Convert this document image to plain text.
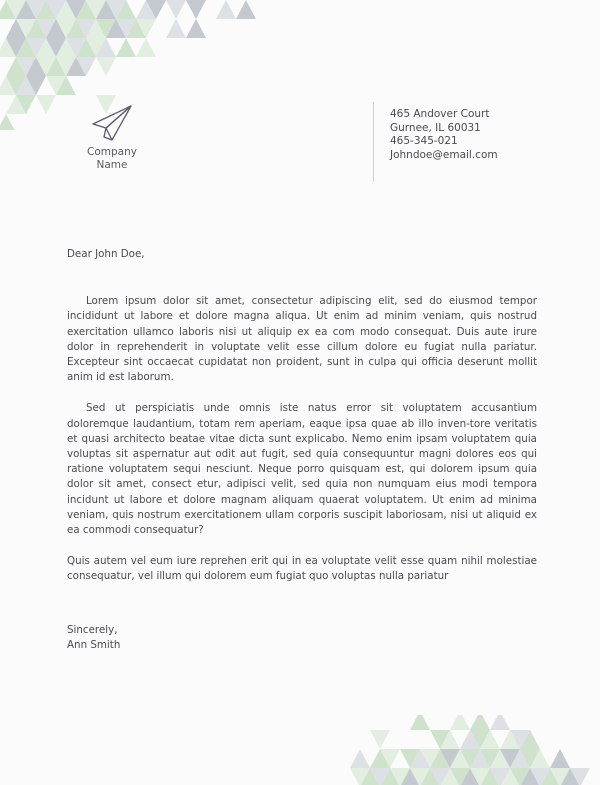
Company
Name
465 Andover Court
Gurnee, IL 60031
465-345-021
Johndoe@email.com

Dear John Doe,

Lorem ipsum dolor sit amet, consectetur adipiscing elit, sed do eiusmod tempor incididunt ut labore et dolore magna aliqua. Ut enim ad minim veniam, quis nostrud exercitation ullamco laboris nisi ut aliquip ex ea com modo consequat. Duis aute irure dolor in reprehenderit in voluptate velit esse cillum dolore eu fugiat nulla pariatur. Excepteur sint occaecat cupidatat non proident, sunt in culpa qui officia deserunt mollit anim id est laborum.

Sed ut perspiciatis unde omnis iste natus error sit voluptatem accusantium doloremque laudantium, totam rem aperiam, eaque ipsa quae ab illo inven-tore veritatis et quasi architecto beatae vitae dicta sunt explicabo. Nemo enim ipsam voluptatem quia voluptas sit aspernatur aut odit aut fugit, sed quia consequuntur magni dolores eos qui ratione voluptatem sequi nesciunt. Neque porro quisquam est, qui dolorem ipsum quia dolor sit amet, consect etur, adipisci velit, sed quia non numquam eius modi tempora incidunt ut labore et dolore magnam aliquam quaerat voluptatem. Ut enim ad minima veniam, quis nostrum exercitationem ullam corporis suscipit laboriosam, nisi ut aliquid ex ea commodi consequatur?

Quis autem vel eum iure reprehen erit qui in ea voluptate velit esse quam nihil molestiae consequatur, vel illum qui dolorem eum fugiat quo voluptas nulla pariatur

Sincerely,

Ann Smith
